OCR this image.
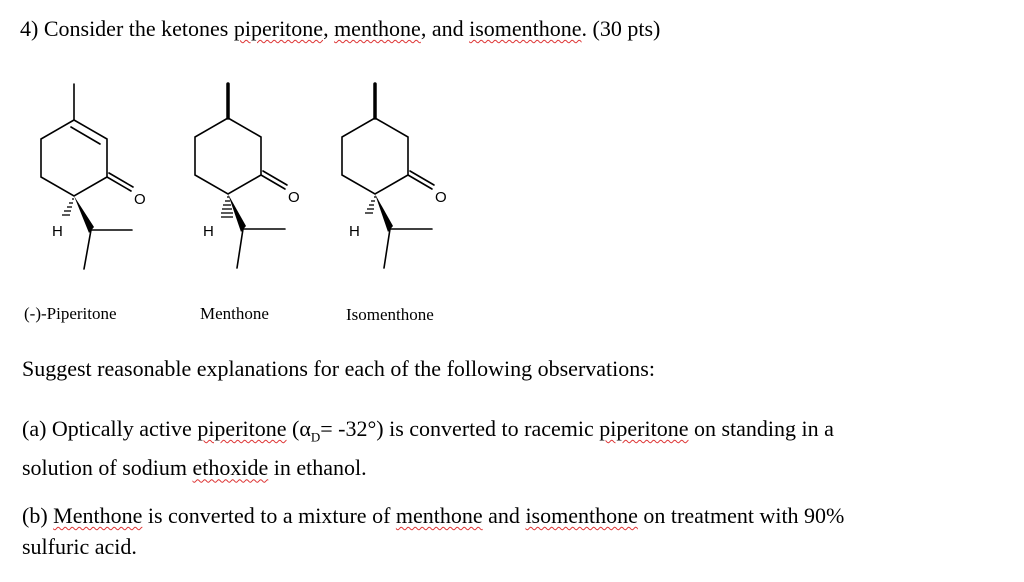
4) Consider the ketones piperitone, menthone, and isomenthone. (30 pts)
O	O	O
H	H	H
(-)-Piperitone	Menthone	Isomenthone
Suggest reasonable explanations for each of the following observations:
(a) Optically active piperitone $(\alpha_D= -32^\circ)$ is converted to racemic piperitone on standing in a
solution of sodium ethoxide in ethanol.
(b) Menthone is converted to a mixture of menthone and isomenthone on treatment with 90%
sulfuric acid.
